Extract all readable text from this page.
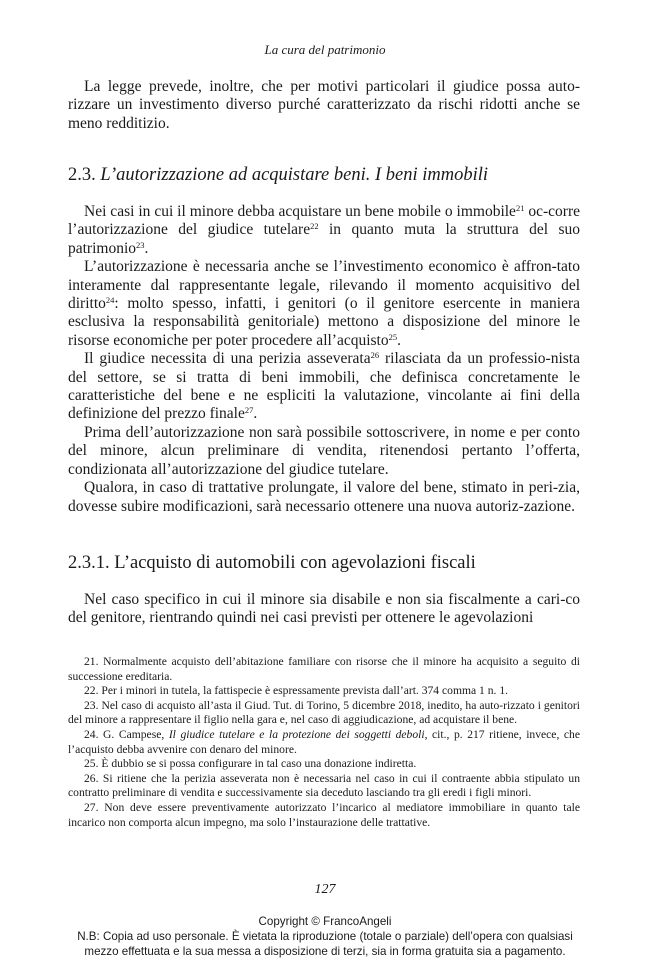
La cura del patrimonio

La legge prevede, inoltre, che per motivi particolari il giudice possa auto-rizzare un investimento diverso purché caratterizzato da rischi ridotti anche se meno redditizio.

2.3. L’autorizzazione ad acquistare beni. I beni immobili

Nei casi in cui il minore debba acquistare un bene mobile o immobile$^{21}$ oc-corre l’autorizzazione del giudice tutelare$^{22}$ in quanto muta la struttura del suo patrimonio$^{23}$.

L’autorizzazione è necessaria anche se l’investimento economico è affron-tato interamente dal rappresentante legale, rilevando il momento acquisitivo del diritto$^{24}$: molto spesso, infatti, i genitori (o il genitore esercente in maniera esclusiva la responsabilità genitoriale) mettono a disposizione del minore le risorse economiche per poter procedere all’acquisto$^{25}$.

Il giudice necessita di una perizia asseverata$^{26}$ rilasciata da un professio-nista del settore, se si tratta di beni immobili, che definisca concretamente le caratteristiche del bene e ne espliciti la valutazione, vincolante ai fini della definizione del prezzo finale$^{27}$.

Prima dell’autorizzazione non sarà possibile sottoscrivere, in nome e per conto del minore, alcun preliminare di vendita, ritenendosi pertanto l’offerta, condizionata all’autorizzazione del giudice tutelare.

Qualora, in caso di trattative prolungate, il valore del bene, stimato in peri-zia, dovesse subire modificazioni, sarà necessario ottenere una nuova autoriz-zazione.

2.3.1. L’acquisto di automobili con agevolazioni fiscali

Nel caso specifico in cui il minore sia disabile e non sia fiscalmente a cari-co del genitore, rientrando quindi nei casi previsti per ottenere le agevolazioni

21. Normalmente acquisto dell’abitazione familiare con risorse che il minore ha acquisito a seguito di successione ereditaria.

22. Per i minori in tutela, la fattispecie è espressamente prevista dall’art. 374 comma 1 n. 1.

23. Nel caso di acquisto all’asta il Giud. Tut. di Torino, 5 dicembre 2018, inedito, ha auto-rizzato i genitori del minore a rappresentare il figlio nella gara e, nel caso di aggiudicazione, ad acquistare il bene.

24. G. Campese, Il giudice tutelare e la protezione dei soggetti deboli, cit., p. 217 ritiene, invece, che l’acquisto debba avvenire con denaro del minore.

25. È dubbio se si possa configurare in tal caso una donazione indiretta.

26. Si ritiene che la perizia asseverata non è necessaria nel caso in cui il contraente abbia stipulato un contratto preliminare di vendita e successivamente sia deceduto lasciando tra gli eredi i figli minori.

27. Non deve essere preventivamente autorizzato l’incarico al mediatore immobiliare in quanto tale incarico non comporta alcun impegno, ma solo l’instaurazione delle trattative.

127
Copyright © FrancoAngeli
N.B: Copia ad uso personale. È vietata la riproduzione (totale o parziale) dell’opera con qualsiasi
mezzo effettuata e la sua messa a disposizione di terzi, sia in forma gratuita sia a pagamento.
